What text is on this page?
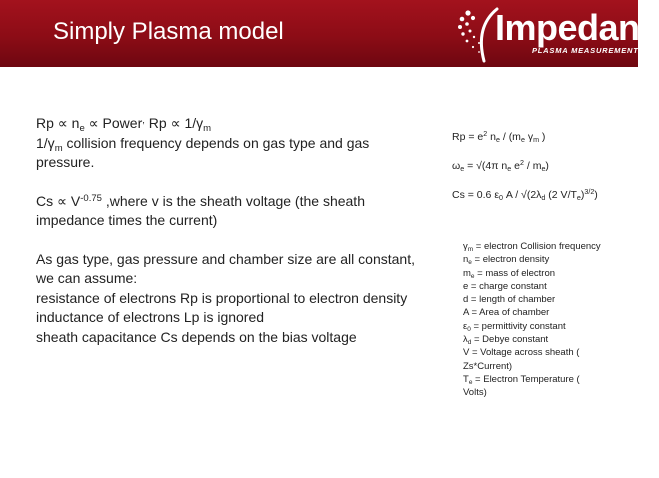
Simply Plasma model	Impedans
PLASMA MEASUREMENT
$Rp \propto n_e$ ∝ Power, $Rp \propto 1/\gamma_m$
$1/\gamma_m$ collision frequency depends on gas type and gas
pressure.
$Cs \propto V^{-0.75}$ ,where v is the sheath voltage (the sheath
impedance times the current)
As gas type, gas pressure and chamber size are all constant,
we can assume:
resistance of electrons Rp is proportional to electron density
inductance of electrons Lp is ignored
sheath capacitance Cs depends on the bias voltage
$Rp = e^2$ $n_e / (m_e$ $\gamma_m$ )
$\omega_e = √(4\pi$ $n_e$ $e^2 / m_e$)
Cs = 0.6 $\varepsilon_0$ A / $√(2\lambda_d$ (2 $V/T_e)^{3/2}$)
$\gamma_m$ = electron Collision frequency
$n_e$ = electron density
$m_e$ = mass of electron
e = charge constant
d = length of chamber
A = Area of chamber
$\varepsilon_0$ = permittivity constant
$\lambda_d$ = Debye constant
V = Voltage across sheath ( Zs*Current)
$T_e$ = Electron Temperature ( Volts)
